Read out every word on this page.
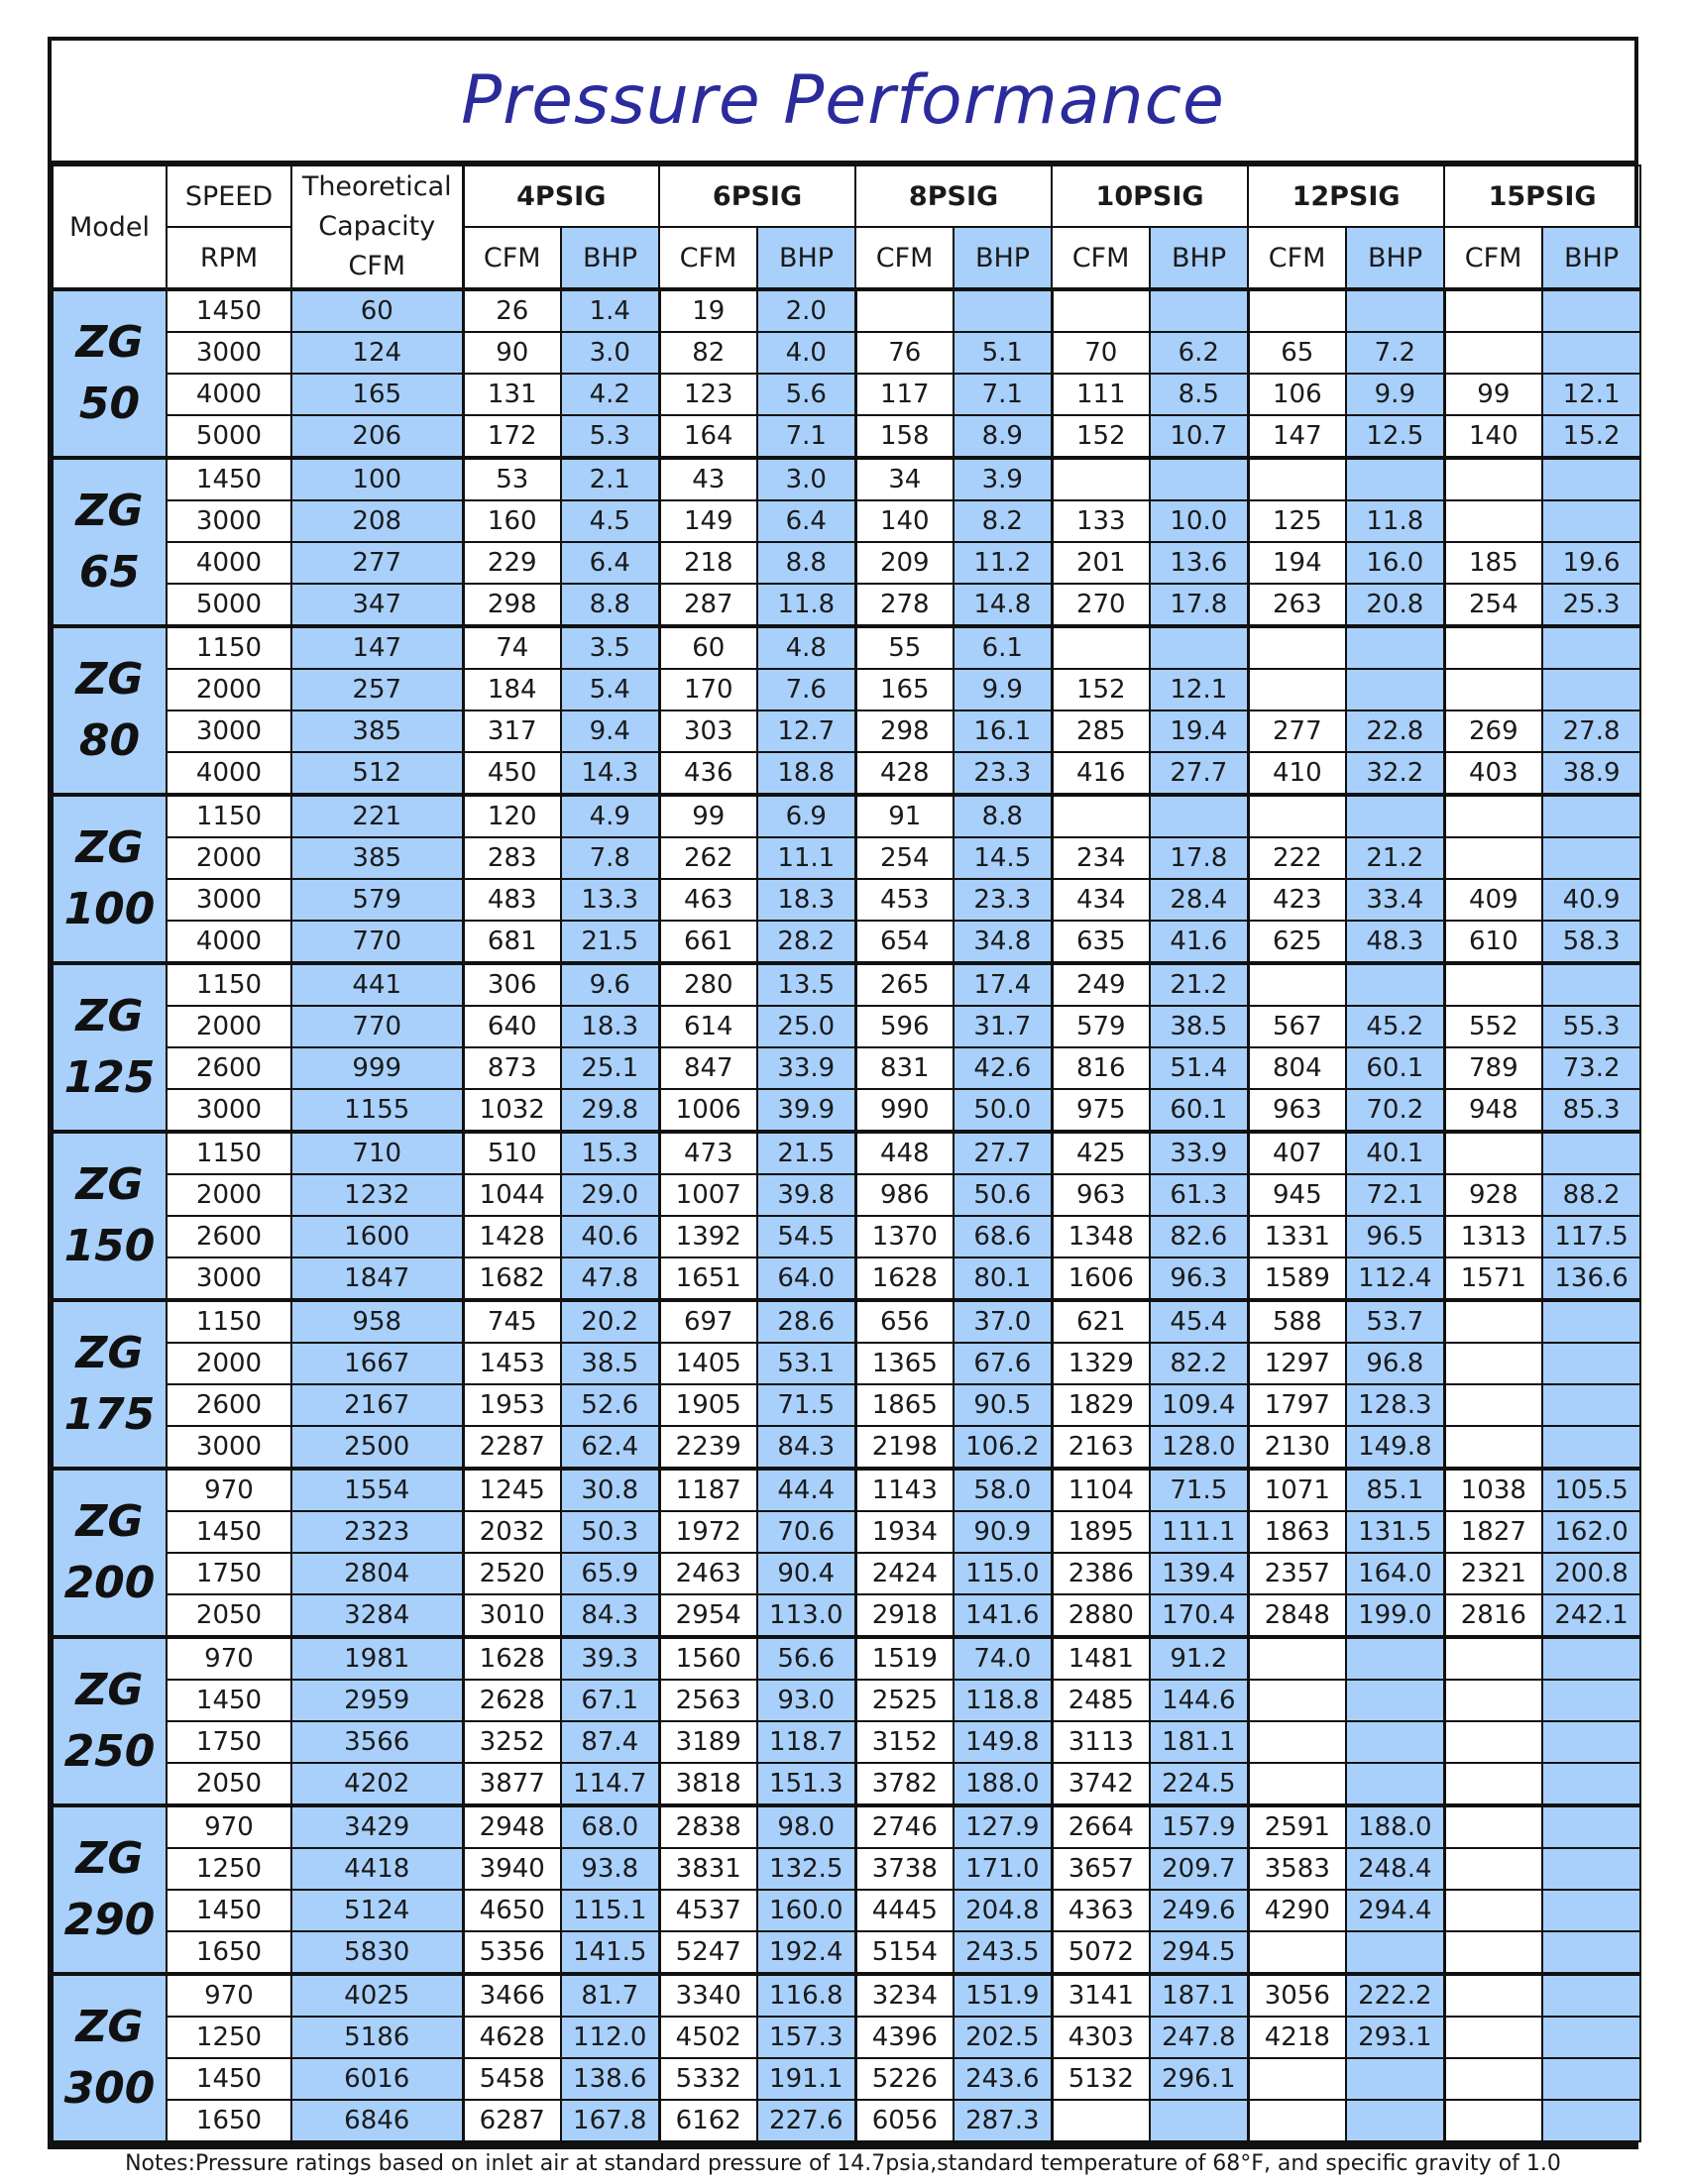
Pressure Performance
Model	SPEED	Theoretical Capacity CFM	4PSIG		6PSIG		8PSIG		10PSIG		12PSIG		15PSIG	
	RPM		CFM	BHP	CFM	BHP	CFM	BHP	CFM	BHP	CFM	BHP	CFM	BHP

ZG 50	1450	60	26	1.4	19	2.0								
	3000	124	90	3.0	82	4.0	76	5.1	70	6.2	65	7.2		
	4000	165	131	4.2	123	5.6	117	7.1	111	8.5	106	9.9	99	12.1
	5000	206	172	5.3	164	7.1	158	8.9	152	10.7	147	12.5	140	15.2

ZG 65	1450	100	53	2.1	43	3.0	34	3.9						
	3000	208	160	4.5	149	6.4	140	8.2	133	10.0	125	11.8		
	4000	277	229	6.4	218	8.8	209	11.2	201	13.6	194	16.0	185	19.6
	5000	347	298	8.8	287	11.8	278	14.8	270	17.8	263	20.8	254	25.3

ZG 80	1150	147	74	3.5	60	4.8	55	6.1						
	2000	257	184	5.4	170	7.6	165	9.9	152	12.1				
	3000	385	317	9.4	303	12.7	298	16.1	285	19.4	277	22.8	269	27.8
	4000	512	450	14.3	436	18.8	428	23.3	416	27.7	410	32.2	403	38.9

ZG 100	1150	221	120	4.9	99	6.9	91	8.8						
	2000	385	283	7.8	262	11.1	254	14.5	234	17.8	222	21.2		
	3000	579	483	13.3	463	18.3	453	23.3	434	28.4	423	33.4	409	40.9
	4000	770	681	21.5	661	28.2	654	34.8	635	41.6	625	48.3	610	58.3

ZG 125	1150	441	306	9.6	280	13.5	265	17.4	249	21.2				
	2000	770	640	18.3	614	25.0	596	31.7	579	38.5	567	45.2	552	55.3
	2600	999	873	25.1	847	33.9	831	42.6	816	51.4	804	60.1	789	73.2
	3000	1155	1032	29.8	1006	39.9	990	50.0	975	60.1	963	70.2	948	85.3

ZG 150	1150	710	510	15.3	473	21.5	448	27.7	425	33.9	407	40.1		
	2000	1232	1044	29.0	1007	39.8	986	50.6	963	61.3	945	72.1	928	88.2
	2600	1600	1428	40.6	1392	54.5	1370	68.6	1348	82.6	1331	96.5	1313	117.5
	3000	1847	1682	47.8	1651	64.0	1628	80.1	1606	96.3	1589	112.4	1571	136.6

ZG 175	1150	958	745	20.2	697	28.6	656	37.0	621	45.4	588	53.7		
	2000	1667	1453	38.5	1405	53.1	1365	67.6	1329	82.2	1297	96.8		
	2600	2167	1953	52.6	1905	71.5	1865	90.5	1829	109.4	1797	128.3		
	3000	2500	2287	62.4	2239	84.3	2198	106.2	2163	128.0	2130	149.8		

ZG 200	970	1554	1245	30.8	1187	44.4	1143	58.0	1104	71.5	1071	85.1	1038	105.5
	1450	2323	2032	50.3	1972	70.6	1934	90.9	1895	111.1	1863	131.5	1827	162.0
	1750	2804	2520	65.9	2463	90.4	2424	115.0	2386	139.4	2357	164.0	2321	200.8
	2050	3284	3010	84.3	2954	113.0	2918	141.6	2880	170.4	2848	199.0	2816	242.1

ZG 250	970	1981	1628	39.3	1560	56.6	1519	74.0	1481	91.2				
	1450	2959	2628	67.1	2563	93.0	2525	118.8	2485	144.6				
	1750	3566	3252	87.4	3189	118.7	3152	149.8	3113	181.1				
	2050	4202	3877	114.7	3818	151.3	3782	188.0	3742	224.5				

ZG 290	970	3429	2948	68.0	2838	98.0	2746	127.9	2664	157.9	2591	188.0		
	1250	4418	3940	93.8	3831	132.5	3738	171.0	3657	209.7	3583	248.4		
	1450	5124	4650	115.1	4537	160.0	4445	204.8	4363	249.6	4290	294.4		
	1650	5830	5356	141.5	5247	192.4	5154	243.5	5072	294.5				

ZG 300	970	4025	3466	81.7	3340	116.8	3234	151.9	3141	187.1	3056	222.2		
	1250	5186	4628	112.0	4502	157.3	4396	202.5	4303	247.8	4218	293.1		
	1450	6016	5458	138.6	5332	191.1	5226	243.6	5132	296.1				
	1650	6846	6287	167.8	6162	227.6	6056	287.3						
Notes:Pressure ratings based on inlet air at standard pressure of 14.7psia,standard temperature of 68°F, and specific gravity of 1.0
